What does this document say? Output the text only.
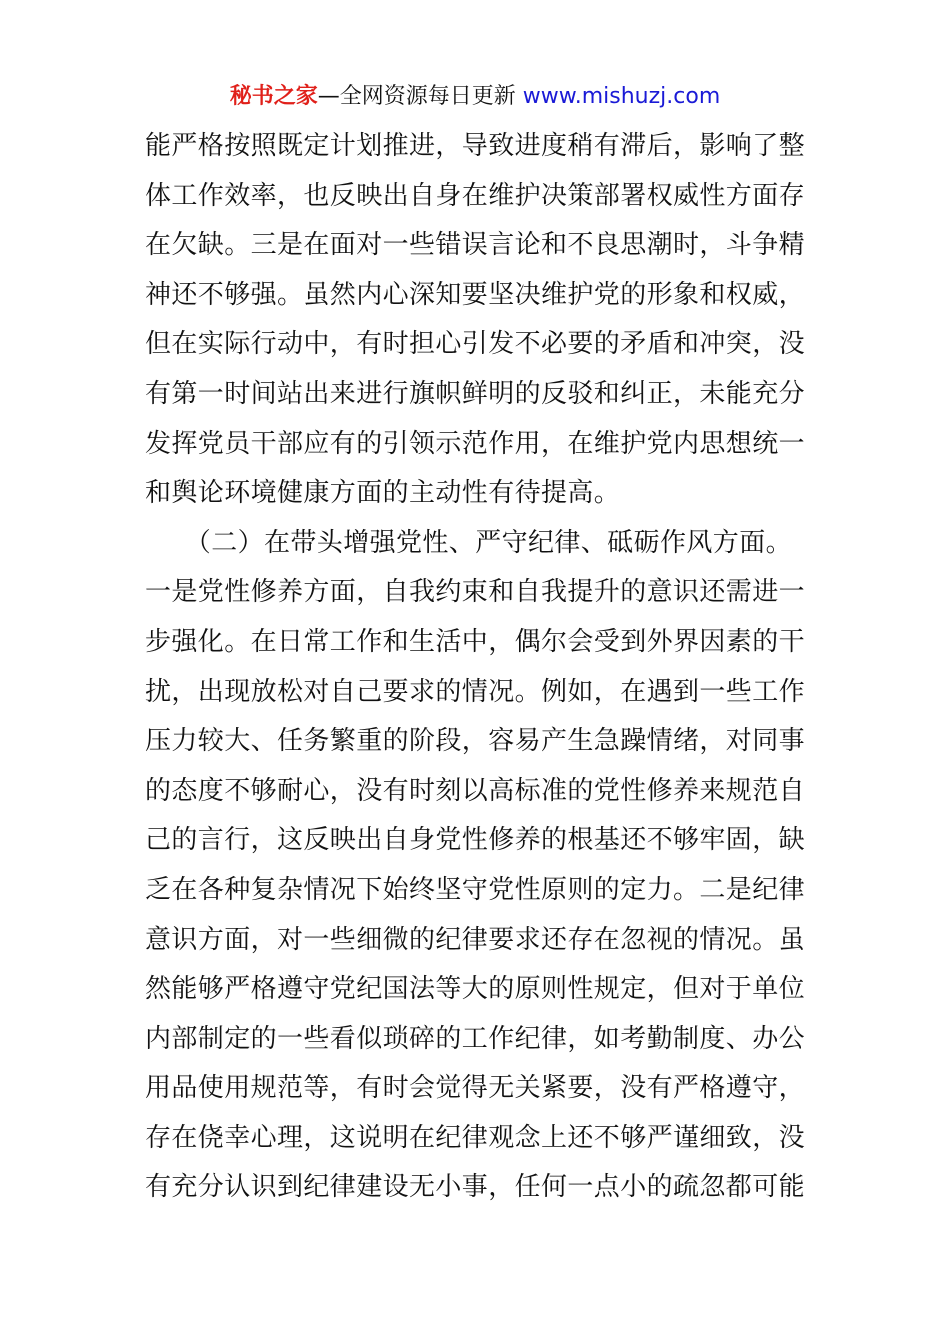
秘书之家—全网资源每日更新 www.mishuzj.com
能严格按照既定计划推进，导致进度稍有滞后，影响了整
体工作效率，也反映出自身在维护决策部署权威性方面存
在欠缺。三是在面对一些错误言论和不良思潮时，斗争精
神还不够强。虽然内心深知要坚决维护党的形象和权威，
但在实际行动中，有时担心引发不必要的矛盾和冲突，没
有第一时间站出来进行旗帜鲜明的反驳和纠正，未能充分
发挥党员干部应有的引领示范作用，在维护党内思想统一
和舆论环境健康方面的主动性有待提高。
　　（二）在带头增强党性、严守纪律、砥砺作风方面。
一是党性修养方面，自我约束和自我提升的意识还需进一
步强化。在日常工作和生活中，偶尔会受到外界因素的干
扰，出现放松对自己要求的情况。例如，在遇到一些工作
压力较大、任务繁重的阶段，容易产生急躁情绪，对同事
的态度不够耐心，没有时刻以高标准的党性修养来规范自
己的言行，这反映出自身党性修养的根基还不够牢固，缺
乏在各种复杂情况下始终坚守党性原则的定力。二是纪律
意识方面，对一些细微的纪律要求还存在忽视的情况。虽
然能够严格遵守党纪国法等大的原则性规定，但对于单位
内部制定的一些看似琐碎的工作纪律，如考勤制度、办公
用品使用规范等，有时会觉得无关紧要，没有严格遵守，
存在侥幸心理，这说明在纪律观念上还不够严谨细致，没
有充分认识到纪律建设无小事，任何一点小的疏忽都可能
